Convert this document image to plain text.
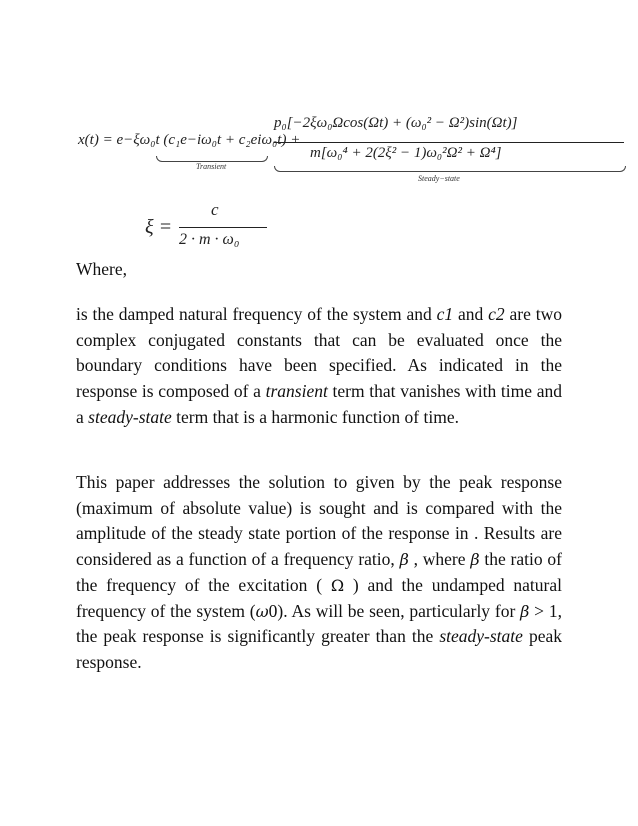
x(t) = e−ξω₀t (c₁e−iω₀t + c₂eiω₀t) +
Transient
p₀[−2ξω₀Ωcos(Ωt) + (ω₀² − Ω²)sin(Ωt)]
m[ω₀⁴ + 2(2ξ² − 1)ω₀²Ω² + Ω⁴]
Steady−state
ξ =
c
2 · m · ω₀

Where,

is the damped natural frequency of the system and c1 and c2 are two complex conjugated constants that can be evaluated once the boundary conditions have been specified. As indicated in the response is composed of a transient term that vanishes with time and a steady-state term that is a harmonic function of time.

This paper addresses the solution to given by the peak response (maximum of absolute value) is sought and is compared with the amplitude of the steady state portion of the response in . Results are considered as a function of a frequency ratio, β , where β the ratio of the frequency of the excitation ( Ω ) and the undamped natural frequency of the system (ω0). As will be seen, particularly for β > 1, the peak response is significantly greater than the steady-state peak response.
